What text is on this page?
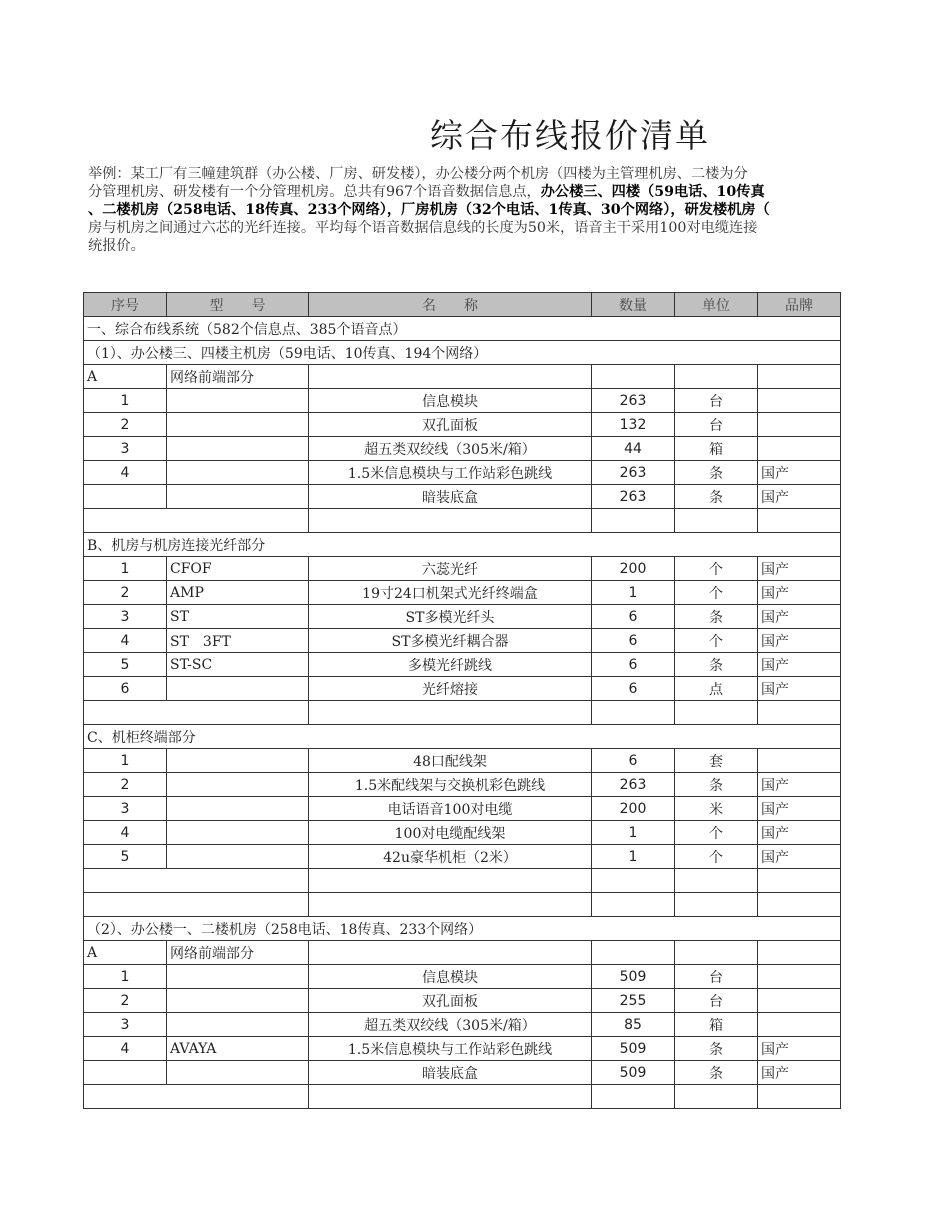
综合布线报价清单
举例：某工厂有三幢建筑群（办公楼、厂房、研发楼），办公楼分两个机房（四楼为主管理机房、二楼为分
分管理机房、研发楼有一个分管理机房。总共有967个语音数据信息点，办公楼三、四楼（59电话、10传真
、二楼机房（258电话、18传真、233个网络），厂房机房（32个电话、1传真、30个网络），研发楼机房（
房与机房之间通过六芯的光纤连接。平均每个语音数据信息线的长度为50米，语音主干采用100对电缆连接
统报价。
序号	型　　号	名　　称	数量	单位	品牌
一、综合布线系统（582个信息点、385个语音点）					
（1）、办公楼三、四楼主机房（59电话、10传真、194个网络）					
A	网络前端部分				
1		信息模块	263	台	
2		双孔面板	132	台	
3		超五类双绞线（305米/箱）	44	箱	
4		1.5米信息模块与工作站彩色跳线	263	条	国产
		暗装底盒	263	条	国产

B、机房与机房连接光纤部分					
1	CFOF	六蕊光纤	200	个	国产
2	AMP	19寸24口机架式光纤终端盒	1	个	国产
3	ST	ST多模光纤头	6	条	国产
4	ST　3FT	ST多模光纤耦合器	6	个	国产
5	ST-SC	多模光纤跳线	6	条	国产
6		光纤熔接	6	点	国产

C、机柜终端部分					
1		48口配线架	6	套	
2		1.5米配线架与交换机彩色跳线	263	条	国产
3		电话语音100对电缆	200	米	国产
4		100对电缆配线架	1	个	国产
5		42u豪华机柜（2米）	1	个	国产

（2）、办公楼一、二楼机房（258电话、18传真、233个网络）					
A	网络前端部分				
1		信息模块	509	台	
2		双孔面板	255	台	
3		超五类双绞线（305米/箱）	85	箱	
4	AVAYA	1.5米信息模块与工作站彩色跳线	509	条	国产
		暗装底盒	509	条	国产
